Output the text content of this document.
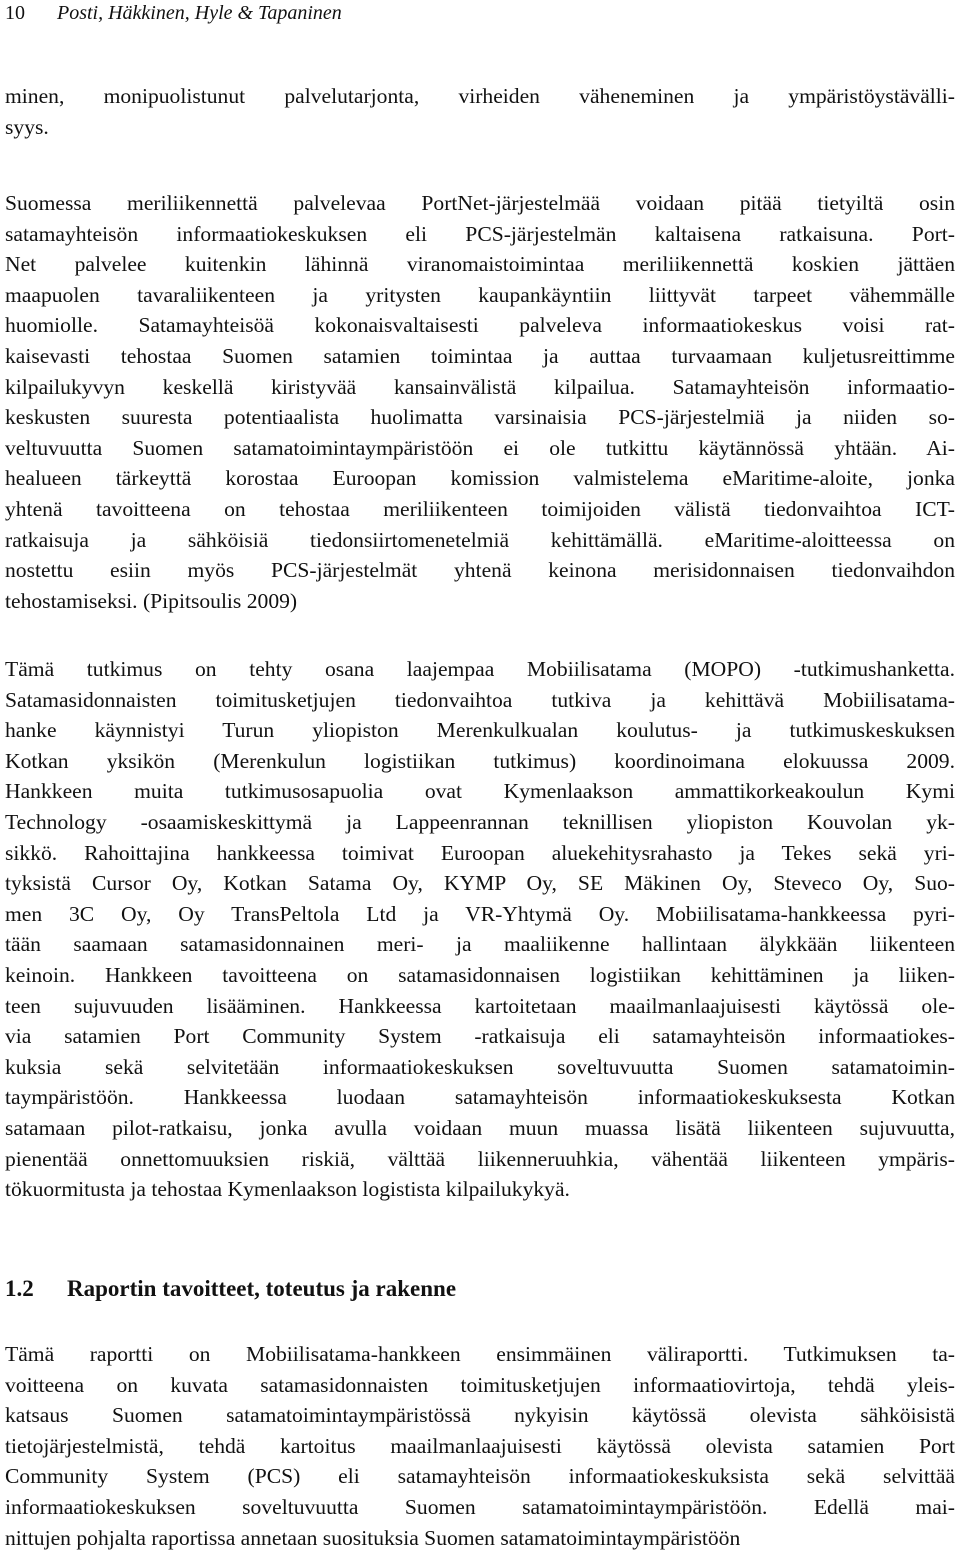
10 Posti, Häkkinen, Hyle & Tapaninen
minen, monipuolistunut palvelutarjonta, virheiden väheneminen ja ympäristöystävälli-
syys.
Suomessa meriliikennettä palvelevaa PortNet-järjestelmää voidaan pitää tietyiltä osin
satamayhteisön informaatiokeskuksen eli PCS-järjestelmän kaltaisena ratkaisuna. Port-
Net palvelee kuitenkin lähinnä viranomaistoimintaa meriliikennettä koskien jättäen
maapuolen tavaraliikenteen ja yritysten kaupankäyntiin liittyvät tarpeet vähemmälle
huomiolle. Satamayhteisöä kokonaisvaltaisesti palveleva informaatiokeskus voisi rat-
kaisevasti tehostaa Suomen satamien toimintaa ja auttaa turvaamaan kuljetusreittimme
kilpailukyvyn keskellä kiristyvää kansainvälistä kilpailua. Satamayhteisön informaatio-
keskusten suuresta potentiaalista huolimatta varsinaisia PCS-järjestelmiä ja niiden so-
veltuvuutta Suomen satamatoimintaympäristöön ei ole tutkittu käytännössä yhtään. Ai-
healueen tärkeyttä korostaa Euroopan komission valmistelema eMaritime-aloite, jonka
yhtenä tavoitteena on tehostaa meriliikenteen toimijoiden välistä tiedonvaihtoa ICT-
ratkaisuja ja sähköisiä tiedonsiirtomenetelmiä kehittämällä. eMaritime-aloitteessa on
nostettu esiin myös PCS-järjestelmät yhtenä keinona merisidonnaisen tiedonvaihdon
tehostamiseksi. (Pipitsoulis 2009)
Tämä tutkimus on tehty osana laajempaa Mobiilisatama (MOPO) -tutkimushanketta.
Satamasidonnaisten toimitusketjujen tiedonvaihtoa tutkiva ja kehittävä Mobiilisatama-
hanke käynnistyi Turun yliopiston Merenkulkualan koulutus- ja tutkimuskeskuksen
Kotkan yksikön (Merenkulun logistiikan tutkimus) koordinoimana elokuussa 2009.
Hankkeen muita tutkimusosapuolia ovat Kymenlaakson ammattikorkeakoulun Kymi
Technology -osaamiskeskittymä ja Lappeenrannan teknillisen yliopiston Kouvolan yk-
sikkö. Rahoittajina hankkeessa toimivat Euroopan aluekehitysrahasto ja Tekes sekä yri-
tyksistä Cursor Oy, Kotkan Satama Oy, KYMP Oy, SE Mäkinen Oy, Steveco Oy, Suo-
men 3C Oy, Oy TransPeltola Ltd ja VR-Yhtymä Oy. Mobiilisatama-hankkeessa pyri-
tään saamaan satamasidonnainen meri- ja maaliikenne hallintaan älykkään liikenteen
keinoin. Hankkeen tavoitteena on satamasidonnaisen logistiikan kehittäminen ja liiken-
teen sujuvuuden lisääminen. Hankkeessa kartoitetaan maailmanlaajuisesti käytössä ole-
via satamien Port Community System -ratkaisuja eli satamayhteisön informaatiokes-
kuksia sekä selvitetään informaatiokeskuksen soveltuvuutta Suomen satamatoimin-
taympäristöön. Hankkeessa luodaan satamayhteisön informaatiokeskuksesta Kotkan
satamaan pilot-ratkaisu, jonka avulla voidaan muun muassa lisätä liikenteen sujuvuutta,
pienentää onnettomuuksien riskiä, välttää liikenneruuhkia, vähentää liikenteen ympäris-
tökuormitusta ja tehostaa Kymenlaakson logistista kilpailukykyä.
1.2 Raportin tavoitteet, toteutus ja rakenne
Tämä raportti on Mobiilisatama-hankkeen ensimmäinen väliraportti. Tutkimuksen ta-
voitteena on kuvata satamasidonnaisten toimitusketjujen informaatiovirtoja, tehdä yleis-
katsaus Suomen satamatoimintaympäristössä nykyisin käytössä olevista sähköisistä
tietojärjestelmistä, tehdä kartoitus maailmanlaajuisesti käytössä olevista satamien Port
Community System (PCS) eli satamayhteisön informaatiokeskuksista sekä selvittää
informaatiokeskuksen soveltuvuutta Suomen satamatoimintaympäristöön. Edellä mai-
nittujen pohjalta raportissa annetaan suosituksia Suomen satamatoimintaympäristöön
